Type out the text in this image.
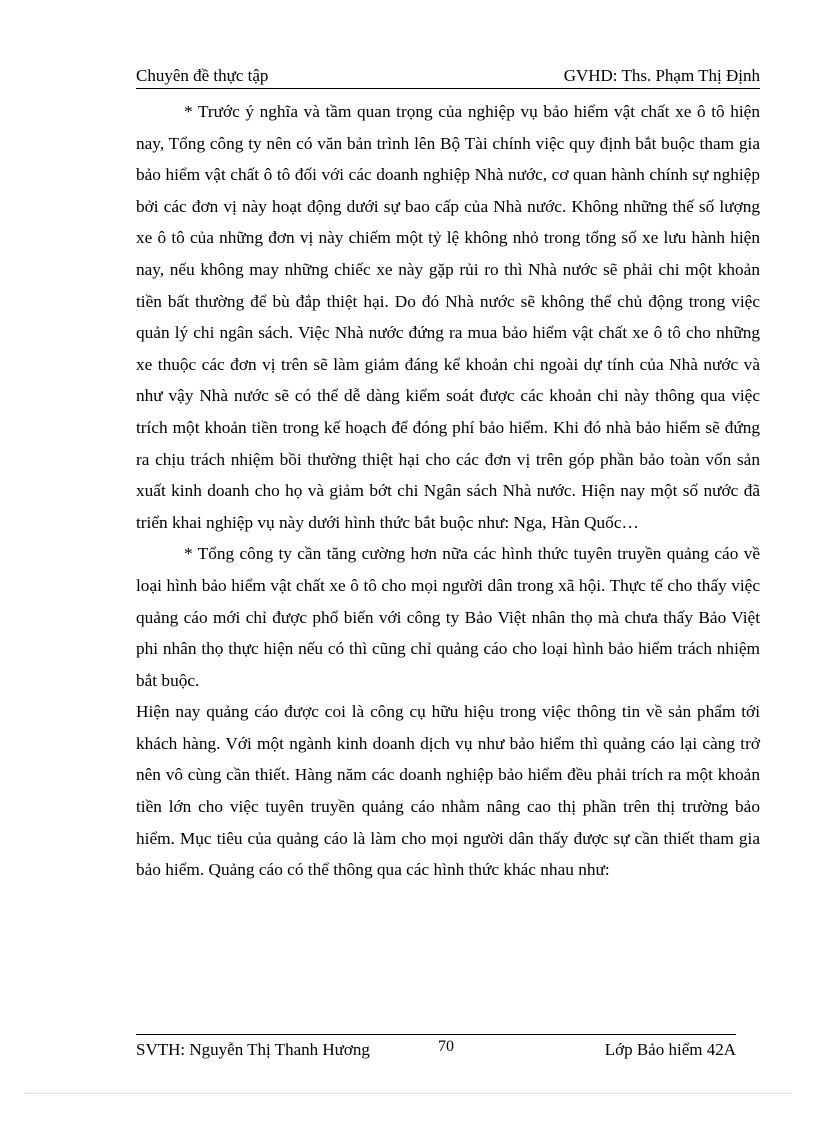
Chuyên đề thực tập	GVHD: Ths. Phạm Thị Định

* Trước ý nghĩa và tầm quan trọng của nghiệp vụ bảo hiểm vật chất xe ô tô hiện nay, Tổng công ty nên có văn bản trình lên Bộ Tài chính việc quy định bắt buộc tham gia bảo hiểm vật chất ô tô đối với các doanh nghiệp Nhà nước, cơ quan hành chính sự nghiệp bởi các đơn vị này hoạt động dưới sự bao cấp của Nhà nước. Không những thế số lượng xe ô tô của những đơn vị này chiếm một tỷ lệ không nhỏ trong tổng số xe lưu hành hiện nay, nếu không may những chiếc xe này gặp rủi ro thì Nhà nước sẽ phải chi một khoản tiền bất thường để bù đắp thiệt hại. Do đó Nhà nước sẽ không thể chủ động trong việc quản lý chi ngân sách. Việc Nhà nước đứng ra mua bảo hiểm vật chất xe ô tô cho những xe thuộc các đơn vị trên sẽ làm giảm đáng kể khoản chi ngoài dự tính của Nhà nước và như vậy Nhà nước sẽ có thể dễ dàng kiểm soát được các khoản chi này thông qua việc trích một khoản tiền trong kế hoạch để đóng phí bảo hiểm. Khi đó nhà bảo hiểm sẽ đứng ra chịu trách nhiệm bồi thường thiệt hại cho các đơn vị trên góp phần bảo toàn vốn sản xuất kinh doanh cho họ và giảm bớt chi Ngân sách Nhà nước. Hiện nay một số nước đã triển khai nghiệp vụ này dưới hình thức bắt buộc như: Nga, Hàn Quốc…

* Tổng công ty cần tăng cường hơn nữa các hình thức tuyên truyền quảng cáo về loại hình bảo hiểm vật chất xe ô tô cho mọi người dân trong xã hội. Thực tế cho thấy việc quảng cáo mới chỉ được phổ biến với công ty Bảo Việt nhân thọ mà chưa thấy Bảo Việt phi nhân thọ thực hiện nếu có thì cũng chỉ quảng cáo cho loại hình bảo hiểm trách nhiệm bắt buộc.

Hiện nay quảng cáo được coi là công cụ hữu hiệu trong việc thông tin về sản phẩm tới khách hàng. Với một ngành kinh doanh dịch vụ như bảo hiểm thì quảng cáo lại càng trở nên vô cùng cần thiết. Hàng năm các doanh nghiệp bảo hiểm đều phải trích ra một khoản tiền lớn cho việc tuyên truyền quảng cáo nhằm nâng cao thị phần trên thị trường bảo hiểm. Mục tiêu của quảng cáo là làm cho mọi người dân thấy được sự cần thiết tham gia bảo hiểm. Quảng cáo có thể thông qua các hình thức khác nhau như:

SVTH: Nguyễn Thị Thanh Hương	70	Lớp Bảo hiểm 42A
